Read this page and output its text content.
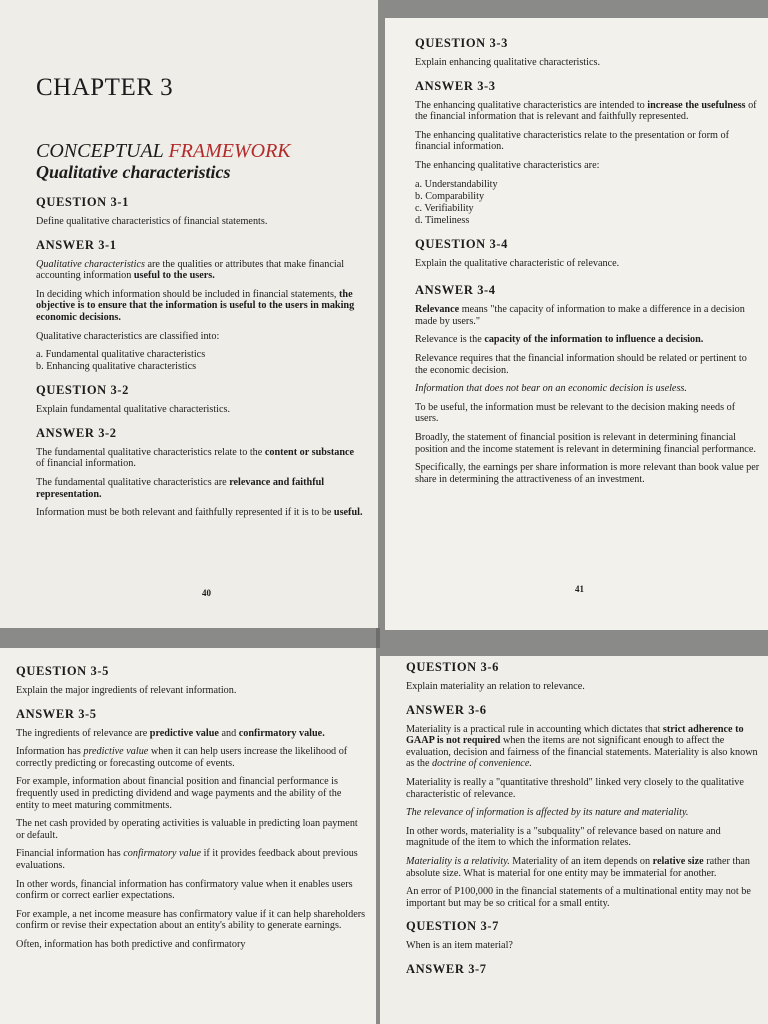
CHAPTER 3
CONCEPTUAL FRAMEWORK
Qualitative characteristics
QUESTION 3-1

Define qualitative characteristics of financial statements.

ANSWER 3-1

Qualitative characteristics are the qualities or attributes that make financial accounting information useful to the users.

In deciding which information should be included in financial statements, the objective is to ensure that the information is useful to the users in making economic decisions.

Qualitative characteristics are classified into:

a. Fundamental qualitative characteristics
b. Enhancing qualitative characteristics
QUESTION 3-2

Explain fundamental qualitative characteristics.

ANSWER 3-2

The fundamental qualitative characteristics relate to the content or substance of financial information.

The fundamental qualitative characteristics are relevance and faithful representation.

Information must be both relevant and faithfully represented if it is to be useful.

40
QUESTION 3-3

Explain enhancing qualitative characteristics.

ANSWER 3-3

The enhancing qualitative characteristics are intended to increase the usefulness of the financial information that is relevant and faithfully represented.

The enhancing qualitative characteristics relate to the presentation or form of financial information.

The enhancing qualitative characteristics are:

a. Understandability
b. Comparability
c. Verifiability
d. Timeliness
QUESTION 3-4

Explain the qualitative characteristic of relevance.

ANSWER 3-4

Relevance means "the capacity of information to make a difference in a decision made by users."

Relevance is the capacity of the information to influence a decision.

Relevance requires that the financial information should be related or pertinent to the economic decision.

Information that does not bear on an economic decision is useless.

To be useful, the information must be relevant to the decision making needs of users.

Broadly, the statement of financial position is relevant in determining financial position and the income statement is relevant in determining financial performance.

Specifically, the earnings per share information is more relevant than book value per share in determining the attractiveness of an investment.

41
QUESTION 3-5

Explain the major ingredients of relevant information.

ANSWER 3-5

The ingredients of relevance are predictive value and confirmatory value.

Information has predictive value when it can help users increase the likelihood of correctly predicting or forecasting outcome of events.

For example, information about financial position and financial performance is frequently used in predicting dividend and wage payments and the ability of the entity to meet maturing commitments.

The net cash provided by operating activities is valuable in predicting loan payment or default.

Financial information has confirmatory value if it provides feedback about previous evaluations.

In other words, financial information has confirmatory value when it enables users confirm or correct earlier expectations.

For example, a net income measure has confirmatory value if it can help shareholders confirm or revise their expectation about an entity's ability to generate earnings.

Often, information has both predictive and confirmatory

QUESTION 3-6

Explain materiality an relation to relevance.

ANSWER 3-6

Materiality is a practical rule in accounting which dictates that strict adherence to GAAP is not required when the items are not significant enough to affect the evaluation, decision and fairness of the financial statements. Materiality is also known as the doctrine of convenience.

Materiality is really a "quantitative threshold" linked very closely to the qualitative characteristic of relevance.

The relevance of information is affected by its nature and materiality.

In other words, materiality is a "subquality" of relevance based on nature and magnitude of the item to which the information relates.

Materiality is a relativity. Materiality of an item depends on relative size rather than absolute size. What is material for one entity may be immaterial for another.

An error of P100,000 in the financial statements of a multinational entity may not be important but may be so critical for a small entity.

QUESTION 3-7

When is an item material?

ANSWER 3-7
